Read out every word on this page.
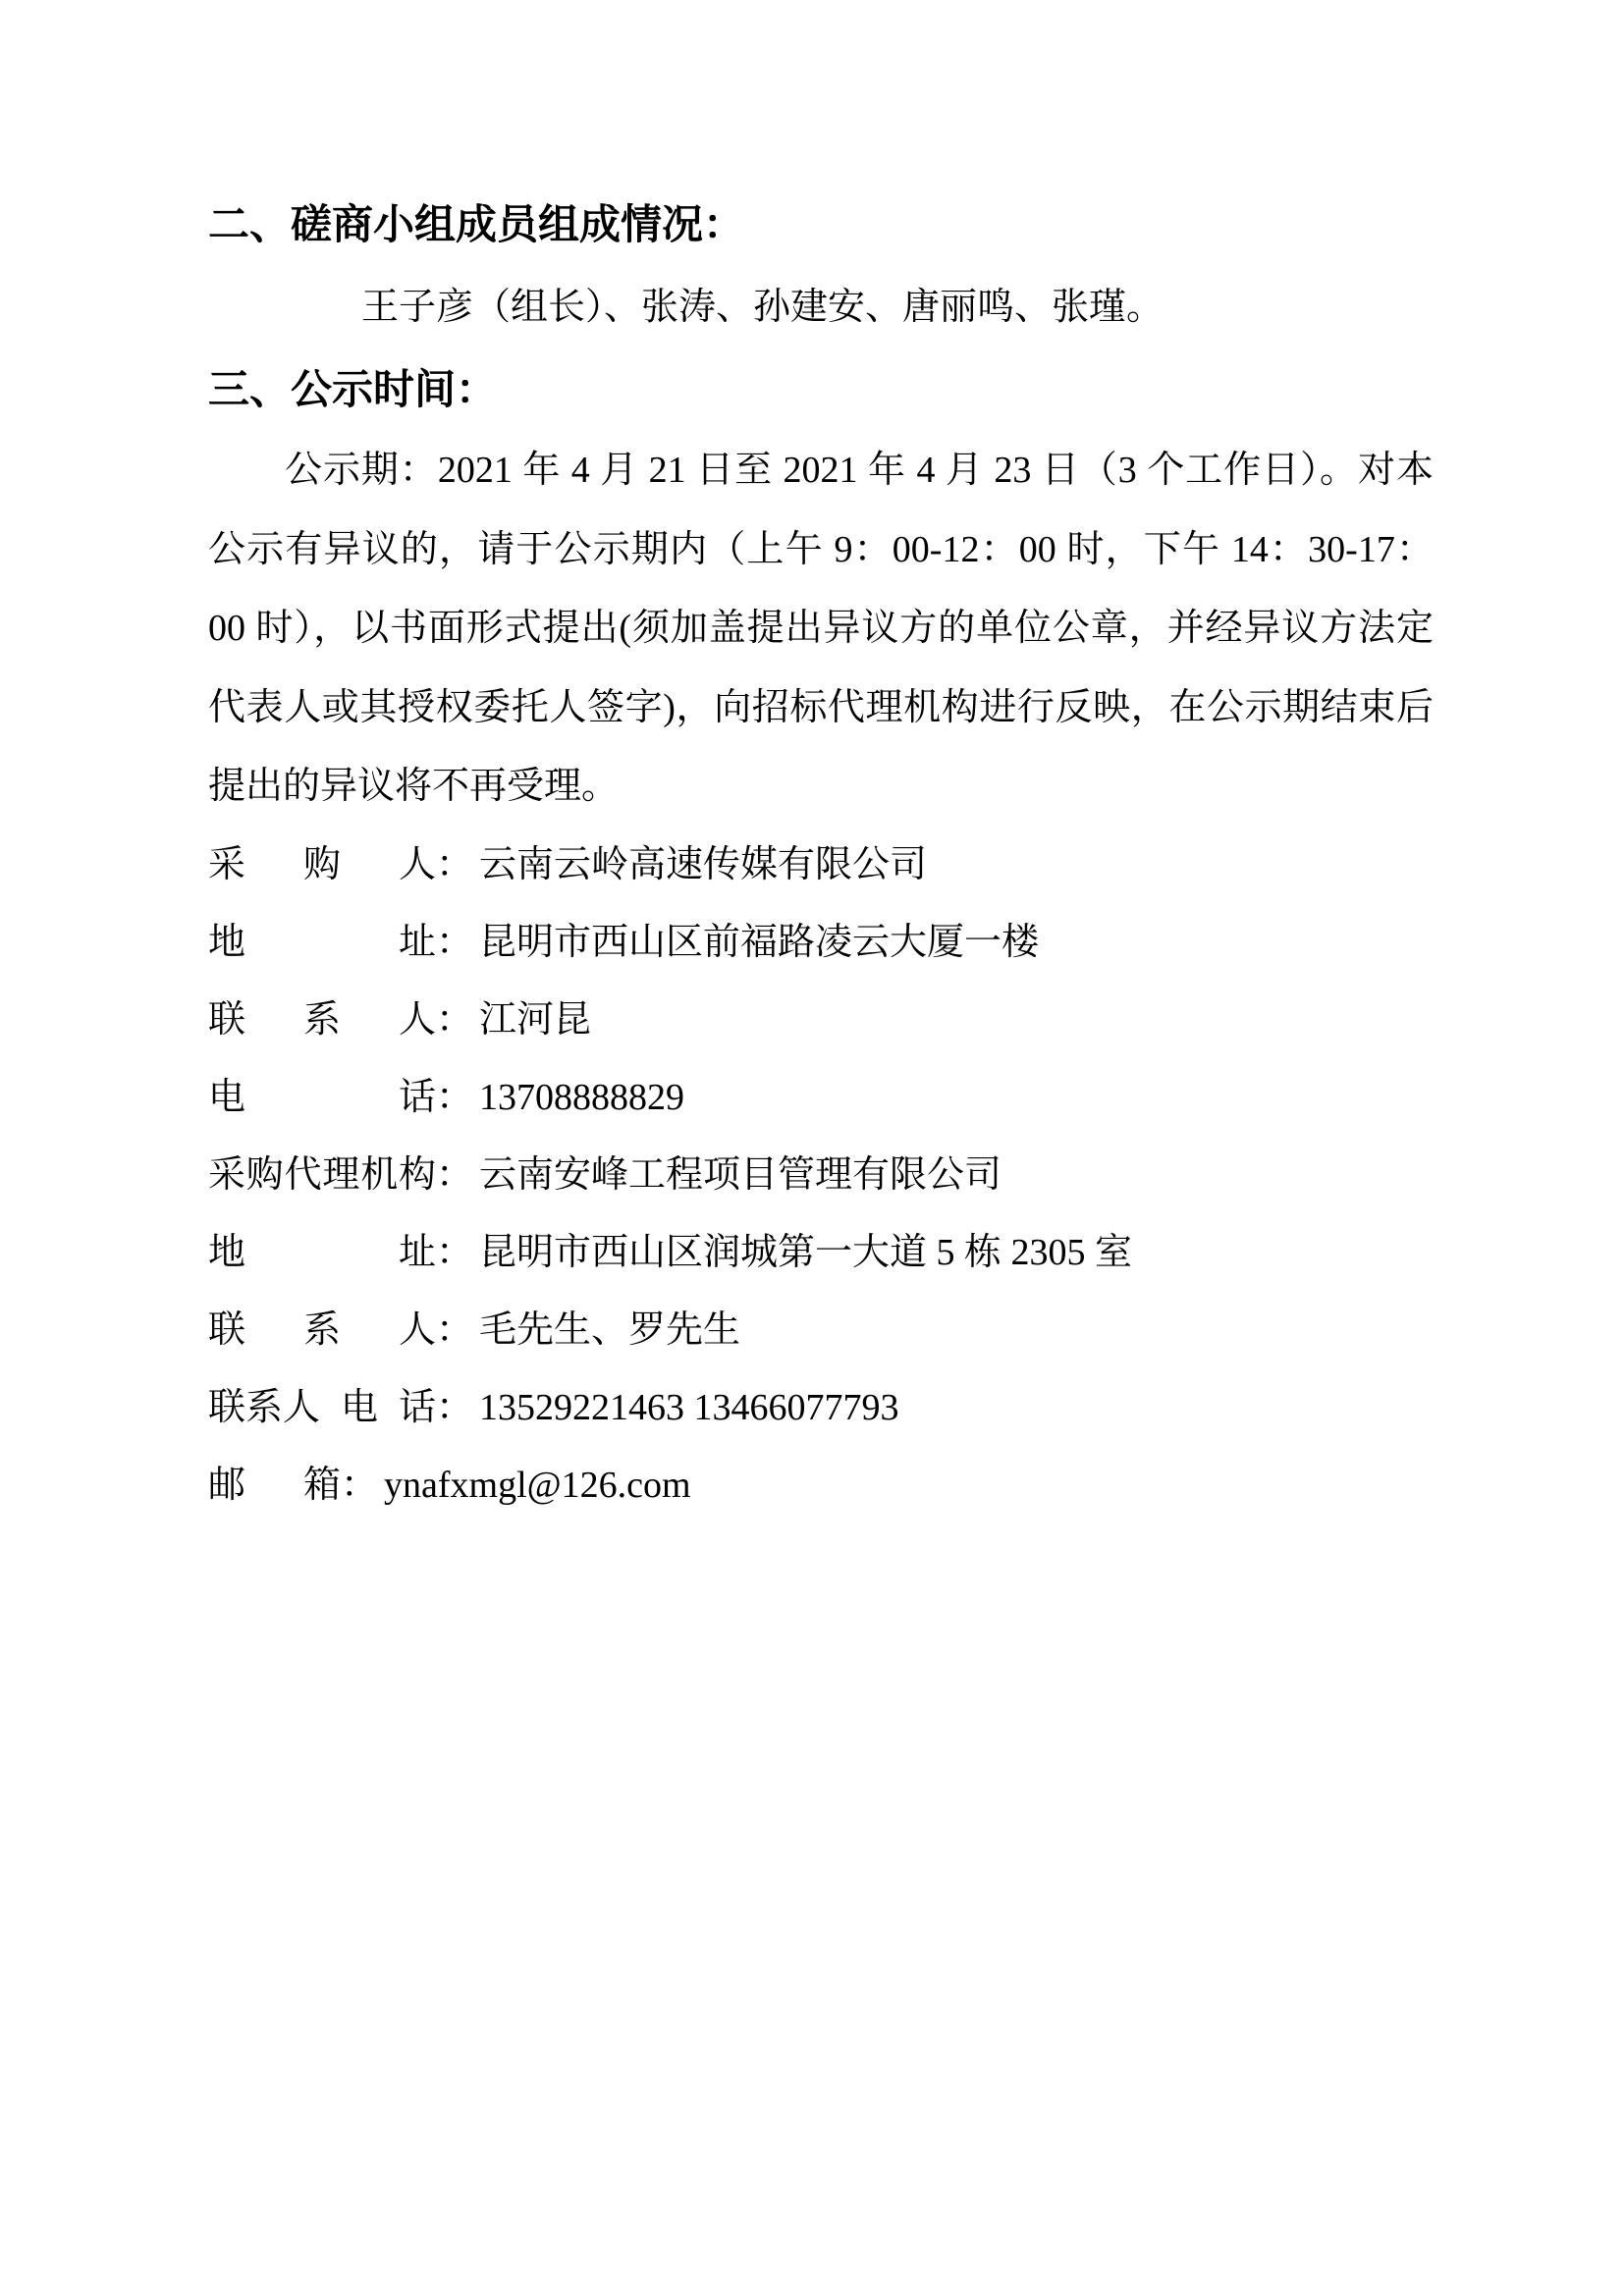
二、磋商小组成员组成情况：

王子彦（组长）、张涛、孙建安、唐丽鸣、张瑾。

三、公示时间：

公示期：2021 年 4 月 21 日至 2021 年 4 月 23 日（3 个工作日）。对本公示有异议的，请于公示期内（上午 9：00-12：00 时，下午 14：30-17：00 时），以书面形式提出(须加盖提出异议方的单位公章，并经异议方法定代表人或其授权委托人签字)，向招标代理机构进行反映，在公示期结束后提出的异议将不再受理。

采 购 人 ： 云南云岭高速传媒有限公司
地	址 ： 昆明市西山区前福路凌云大厦一楼
联 系 人 ： 江河昆
电	话 ： 13708888829
采 购 代 理 机 构 ： 云南安峰工程项目管理有限公司
地	址 ： 昆明市西山区润城第一大道 5 栋 2305 室
联 系 人 ： 毛先生、罗先生
联系人 电 话 ： 13529221463 13466077793
邮 箱 ： ynafxmgl@126.com
